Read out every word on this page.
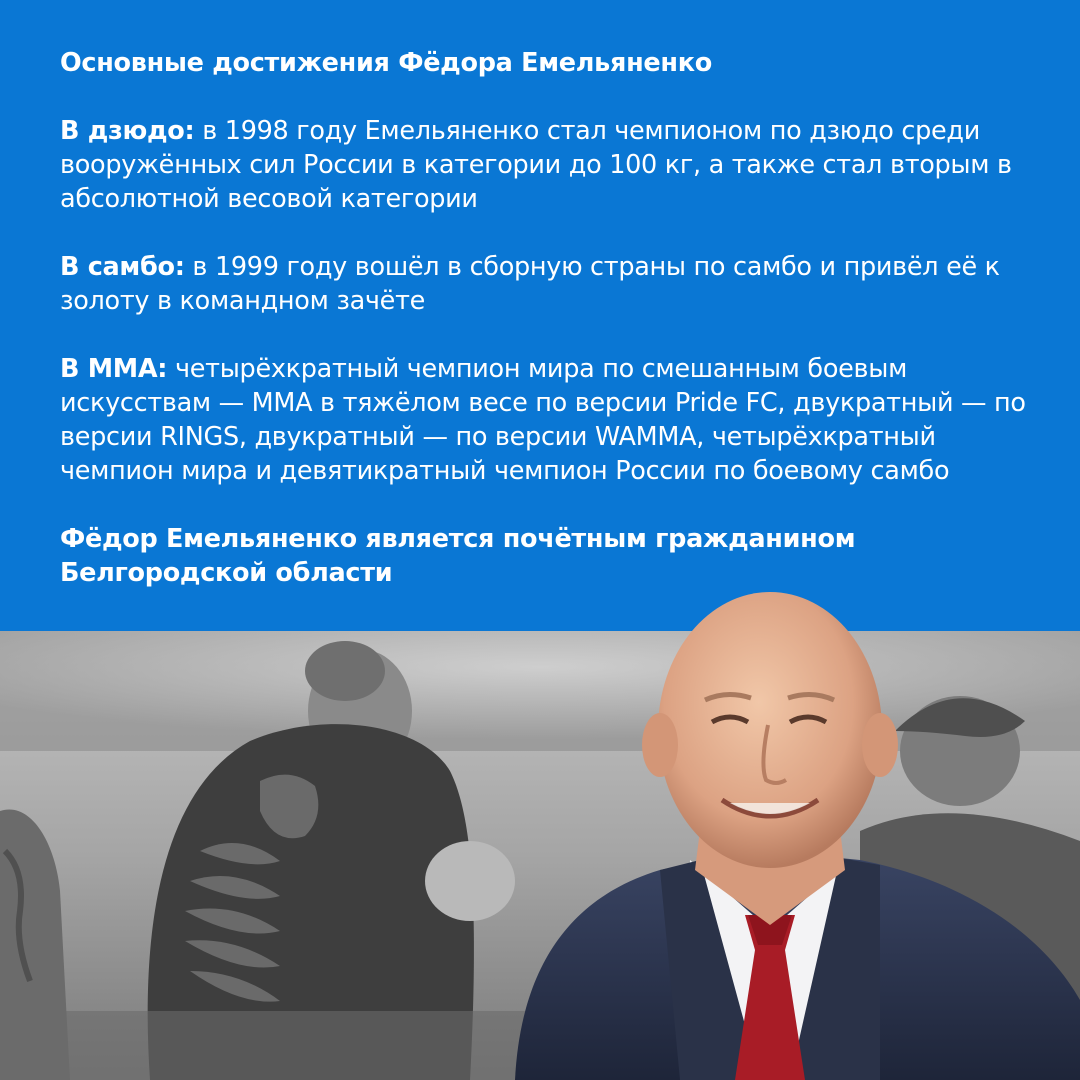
Основные достижения Фёдора Емельяненко

В дзюдо: в 1998 году Емельяненко стал чемпионом по дзюдо среди вооружённых сил России в категории до 100 кг, а также стал вторым в абсолютной весовой категории

В самбо: в 1999 году вошёл в сборную страны по самбо и привёл её к золоту в командном зачёте

В ММА: четырёхкратный чемпион мира по смешанным боевым искусствам — ММА в тяжёлом весе по версии Pride FC, двукратный — по версии RINGS, двукратный — по версии WAMMA, четырёхкратный чемпион мира и девятикратный чемпион России по боевому самбо

Фёдор Емельяненко является почётным гражданином Белгородской области
